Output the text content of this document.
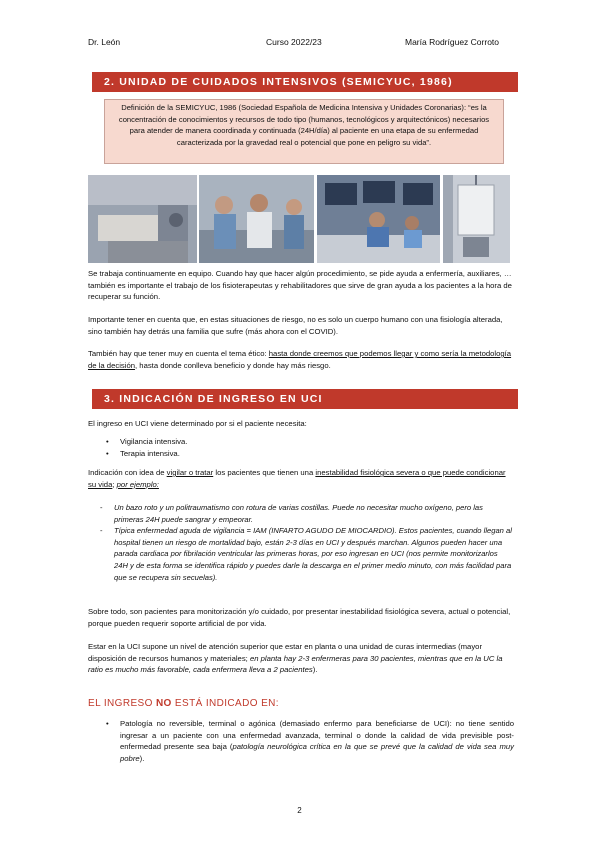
Dr. León	Curso 2022/23	María Rodríguez Corroto
2. UNIDAD DE CUIDADOS INTENSIVOS (SEMICYUC, 1986)
Definición de la SEMICYUC, 1986 (Sociedad Española de Medicina Intensiva y Unidades Coronarias): “es la concentración de conocimientos y recursos de todo tipo (humanos, tecnológicos y arquitectónicos) necesarios para atender de manera coordinada y continuada (24H/día) al paciente en una etapa de su enfermedad caracterizada por la gravedad real o potencial que pone en peligro su vida”.

Se trabaja continuamente en equipo. Cuando hay que hacer algún procedimiento, se pide ayuda a enfermería, auxiliares, … también es importante el trabajo de los fisioterapeutas y rehabilitadores que sirve de gran ayuda a los pacientes a la hora de recuperar su función.

Importante tener en cuenta que, en estas situaciones de riesgo, no es solo un cuerpo humano con una fisiología alterada, sino también hay detrás una familia que sufre (más ahora con el COVID).

También hay que tener muy en cuenta el tema ético: hasta donde creemos que podemos llegar y como sería la metodología de la decisión, hasta donde conlleva beneficio y donde hay más riesgo.

3. INDICACIÓN DE INGRESO EN UCI

El ingreso en UCI viene determinado por si el paciente necesita:

• Vigilancia intensiva.
• Terapia intensiva.

Indicación con idea de vigilar o tratar los pacientes que tienen una inestabilidad fisiológica severa o que puede condicionar su vida; por ejemplo:

- Un bazo roto y un politraumatismo con rotura de varias costillas. Puede no necesitar mucho oxígeno, pero las primeras 24H puede sangrar y empeorar.
- Típica enfermedad aguda de vigilancia = IAM (INFARTO AGUDO DE MIOCARDIO). Estos pacientes, cuando llegan al hospital tienen un riesgo de mortalidad bajo, están 2-3 días en UCI y después marchan. Algunos pueden hacer una parada cardiaca por fibrilación ventricular las primeras horas, por eso ingresan en UCI (nos permite monitorizarlos 24H y de esta forma se identifica rápido y puedes darle la descarga en el primer medio minuto, con más facilidad para que se recupera sin secuelas).

Sobre todo, son pacientes para monitorización y/o cuidado, por presentar inestabilidad fisiológica severa, actual o potencial, porque pueden requerir soporte artificial de por vida.

Estar en la UCI supone un nivel de atención superior que estar en planta o una unidad de curas intermedias (mayor disposición de recursos humanos y materiales; en planta hay 2-3 enfermeras para 30 pacientes, mientras que en la UC la ratio es mucho más favorable, cada enfermera lleva a 2 pacientes).

EL INGRESO NO ESTÁ INDICADO EN:
• Patología no reversible, terminal o agónica (demasiado enfermo para beneficiarse de UCI): no tiene sentido ingresar a un paciente con una enfermedad avanzada, terminal o donde la calidad de vida previsible post-enfermedad presente sea baja (patología neurológica crítica en la que se prevé que la calidad de vida sea muy pobre).
2
